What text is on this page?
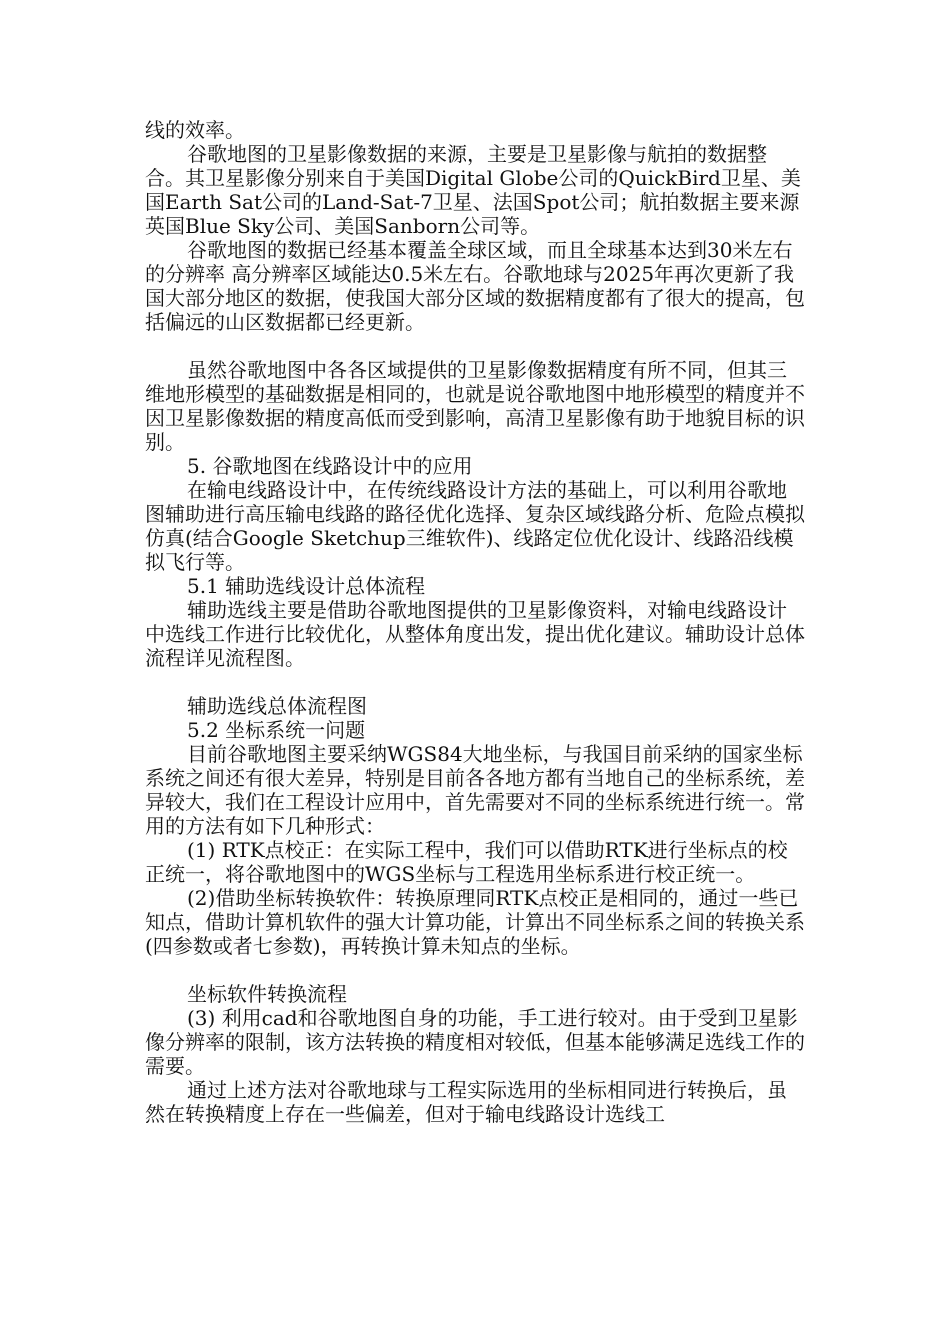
线的效率。

谷歌地图的卫星影像数据的来源，主要是卫星影像与航拍的数据整合。其卫星影像分别来自于美国Digital Globe公司的QuickBird卫星、美国Earth Sat公司的Land-Sat-7卫星、法国Spot公司；航拍数据主要来源英国Blue Sky公司、美国Sanborn公司等。

谷歌地图的数据已经基本覆盖全球区域，而且全球基本达到30米左右的分辨率 高分辨率区域能达0.5米左右。谷歌地球与2025年再次更新了我国大部分地区的数据，使我国大部分区域的数据精度都有了很大的提高，包括偏远的山区数据都已经更新。

虽然谷歌地图中各各区域提供的卫星影像数据精度有所不同，但其三维地形模型的基础数据是相同的，也就是说谷歌地图中地形模型的精度并不因卫星影像数据的精度高低而受到影响，高清卫星影像有助于地貌目标的识别。

5. 谷歌地图在线路设计中的应用

在输电线路设计中，在传统线路设计方法的基础上，可以利用谷歌地图辅助进行高压输电线路的路径优化选择、复杂区域线路分析、危险点模拟仿真(结合Google Sketchup三维软件)、线路定位优化设计、线路沿线模拟飞行等。

5.1 辅助选线设计总体流程

辅助选线主要是借助谷歌地图提供的卫星影像资料，对输电线路设计中选线工作进行比较优化，从整体角度出发，提出优化建议。辅助设计总体流程详见流程图。

辅助选线总体流程图

5.2 坐标系统一问题

目前谷歌地图主要采纳WGS84大地坐标，与我国目前采纳的国家坐标系统之间还有很大差异，特别是目前各各地方都有当地自己的坐标系统，差异较大，我们在工程设计应用中，首先需要对不同的坐标系统进行统一。常用的方法有如下几种形式：

(1) RTK点校正：在实际工程中，我们可以借助RTK进行坐标点的校正统一，将谷歌地图中的WGS坐标与工程选用坐标系进行校正统一。

(2)借助坐标转换软件：转换原理同RTK点校正是相同的，通过一些已知点，借助计算机软件的强大计算功能，计算出不同坐标系之间的转换关系(四参数或者七参数)，再转换计算未知点的坐标。

坐标软件转换流程

(3) 利用cad和谷歌地图自身的功能，手工进行较对。由于受到卫星影像分辨率的限制，该方法转换的精度相对较低，但基本能够满足选线工作的需要。

通过上述方法对谷歌地球与工程实际选用的坐标相同进行转换后，虽然在转换精度上存在一些偏差，但对于输电线路设计选线工
